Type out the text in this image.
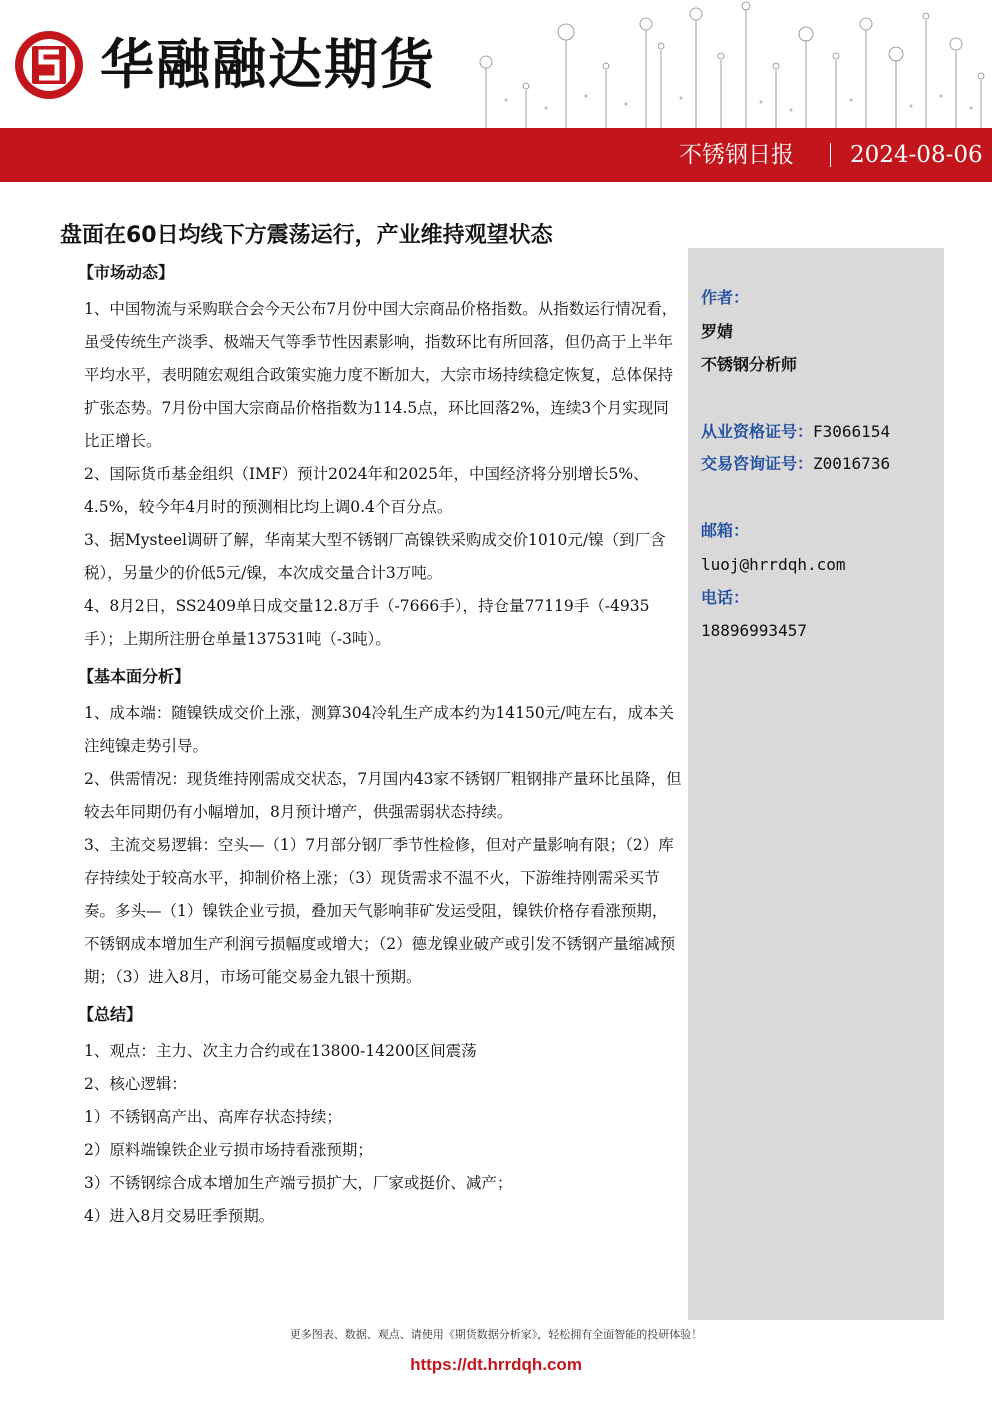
华融融达期货
不锈钢日报 2024-08-06
盘面在60日均线下方震荡运行，产业维持观望状态

【市场动态】

1、中国物流与采购联合会今天公布7月份中国大宗商品价格指数。从指数运行情况看，虽受传统生产淡季、极端天气等季节性因素影响，指数环比有所回落，但仍高于上半年平均水平，表明随宏观组合政策实施力度不断加大，大宗市场持续稳定恢复，总体保持扩张态势。7月份中国大宗商品价格指数为114.5点，环比回落2%，连续3个月实现同比正增长。

2、国际货币基金组织（IMF）预计2024年和2025年，中国经济将分别增长5%、4.5%，较今年4月时的预测相比均上调0.4个百分点。

3、据Mysteel调研了解，华南某大型不锈钢厂高镍铁采购成交价1010元/镍（到厂含税），另量少的价低5元/镍，本次成交量合计3万吨。

4、8月2日，SS2409单日成交量12.8万手（-7666手），持仓量77119手（-4935手）；上期所注册仓单量137531吨（-3吨）。

【基本面分析】

1、成本端：随镍铁成交价上涨，测算304冷轧生产成本约为14150元/吨左右，成本关注纯镍走势引导。

2、供需情况：现货维持刚需成交状态，7月国内43家不锈钢厂粗钢排产量环比虽降，但较去年同期仍有小幅增加，8月预计增产，供强需弱状态持续。

3、主流交易逻辑：空头—（1）7月部分钢厂季节性检修，但对产量影响有限；（2）库存持续处于较高水平，抑制价格上涨；（3）现货需求不温不火，下游维持刚需采买节奏。多头—（1）镍铁企业亏损，叠加天气影响菲矿发运受阻，镍铁价格存看涨预期，不锈钢成本增加生产利润亏损幅度或增大；（2）德龙镍业破产或引发不锈钢产量缩减预期；（3）进入8月，市场可能交易金九银十预期。

【总结】

1、观点：主力、次主力合约或在13800-14200区间震荡

2、核心逻辑：

1）不锈钢高产出、高库存状态持续；

2）原料端镍铁企业亏损市场持看涨预期；

3）不锈钢综合成本增加生产端亏损扩大，厂家或挺价、减产；

4）进入8月交易旺季预期。

作者：
罗婧
不锈钢分析师
从业资格证号：F3066154
交易咨询证号：Z0016736
邮箱：
luoj@hrrdqh.com
电话：
18896993457
更多图表、数据、观点、请使用《期货数据分析家》，轻松拥有全面智能的投研体验！
https://dt.hrrdqh.com
